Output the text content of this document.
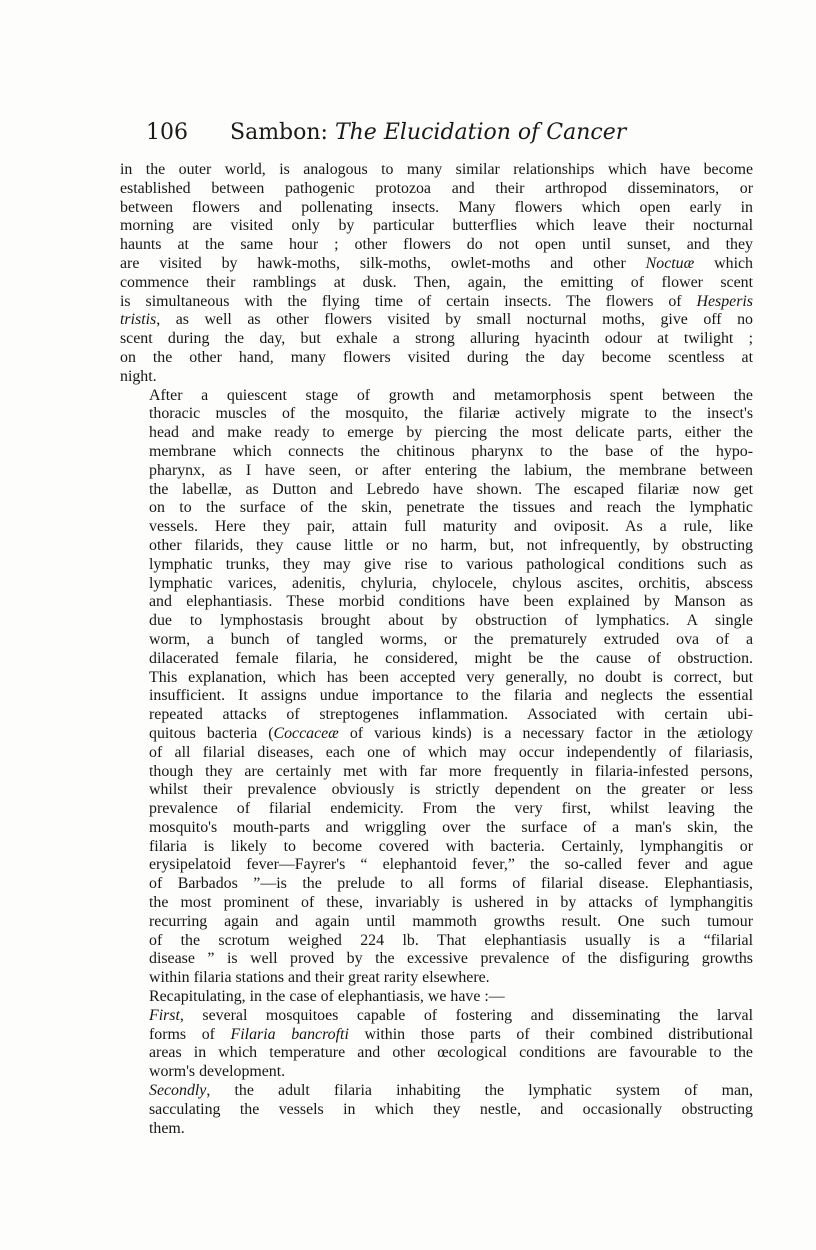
106 Sambon: The Elucidation of Cancer

in the outer world, is analogous to many similar relationships which have become
established between pathogenic protozoa and their arthropod disseminators, or
between flowers and pollenating insects. Many flowers which open early in
morning are visited only by particular butterflies which leave their nocturnal
haunts at the same hour ; other flowers do not open until sunset, and they
are visited by hawk-moths, silk-moths, owlet-moths and other Noctuæ which
commence their ramblings at dusk. Then, again, the emitting of flower scent
is simultaneous with the flying time of certain insects. The flowers of Hesperis
tristis, as well as other flowers visited by small nocturnal moths, give off no
scent during the day, but exhale a strong alluring hyacinth odour at twilight ;
on the other hand, many flowers visited during the day become scentless at
night.

After a quiescent stage of growth and metamorphosis spent between the
thoracic muscles of the mosquito, the filariæ actively migrate to the insect's
head and make ready to emerge by piercing the most delicate parts, either the
membrane which connects the chitinous pharynx to the base of the hypo-
pharynx, as I have seen, or after entering the labium, the membrane between
the labellæ, as Dutton and Lebredo have shown. The escaped filariæ now get
on to the surface of the skin, penetrate the tissues and reach the lymphatic
vessels. Here they pair, attain full maturity and oviposit. As a rule, like
other filarids, they cause little or no harm, but, not infrequently, by obstructing
lymphatic trunks, they may give rise to various pathological conditions such as
lymphatic varices, adenitis, chyluria, chylocele, chylous ascites, orchitis, abscess
and elephantiasis. These morbid conditions have been explained by Manson as
due to lymphostasis brought about by obstruction of lymphatics. A single
worm, a bunch of tangled worms, or the prematurely extruded ova of a
dilacerated female filaria, he considered, might be the cause of obstruction.
This explanation, which has been accepted very generally, no doubt is correct, but
insufficient. It assigns undue importance to the filaria and neglects the essential
repeated attacks of streptogenes inflammation. Associated with certain ubi-
quitous bacteria (Coccaceæ of various kinds) is a necessary factor in the ætiology
of all filarial diseases, each one of which may occur independently of filariasis,
though they are certainly met with far more frequently in filaria-infested persons,
whilst their prevalence obviously is strictly dependent on the greater or less
prevalence of filarial endemicity. From the very first, whilst leaving the
mosquito's mouth-parts and wriggling over the surface of a man's skin, the
filaria is likely to become covered with bacteria. Certainly, lymphangitis or
erysipelatoid fever—Fayrer's “ elephantoid fever,” the so-called fever and ague
of Barbados ”—is the prelude to all forms of filarial disease. Elephantiasis,
the most prominent of these, invariably is ushered in by attacks of lymphangitis
recurring again and again until mammoth growths result. One such tumour
of the scrotum weighed 224 lb. That elephantiasis usually is a “filarial
disease ” is well proved by the excessive prevalence of the disfiguring growths
within filaria stations and their great rarity elsewhere.

Recapitulating, in the case of elephantiasis, we have :—

First, several mosquitoes capable of fostering and disseminating the larval
forms of Filaria bancrofti within those parts of their combined distributional
areas in which temperature and other œcological conditions are favourable to the
worm's development.

Secondly, the adult filaria inhabiting the lymphatic system of man,
sacculating the vessels in which they nestle, and occasionally obstructing
them.
